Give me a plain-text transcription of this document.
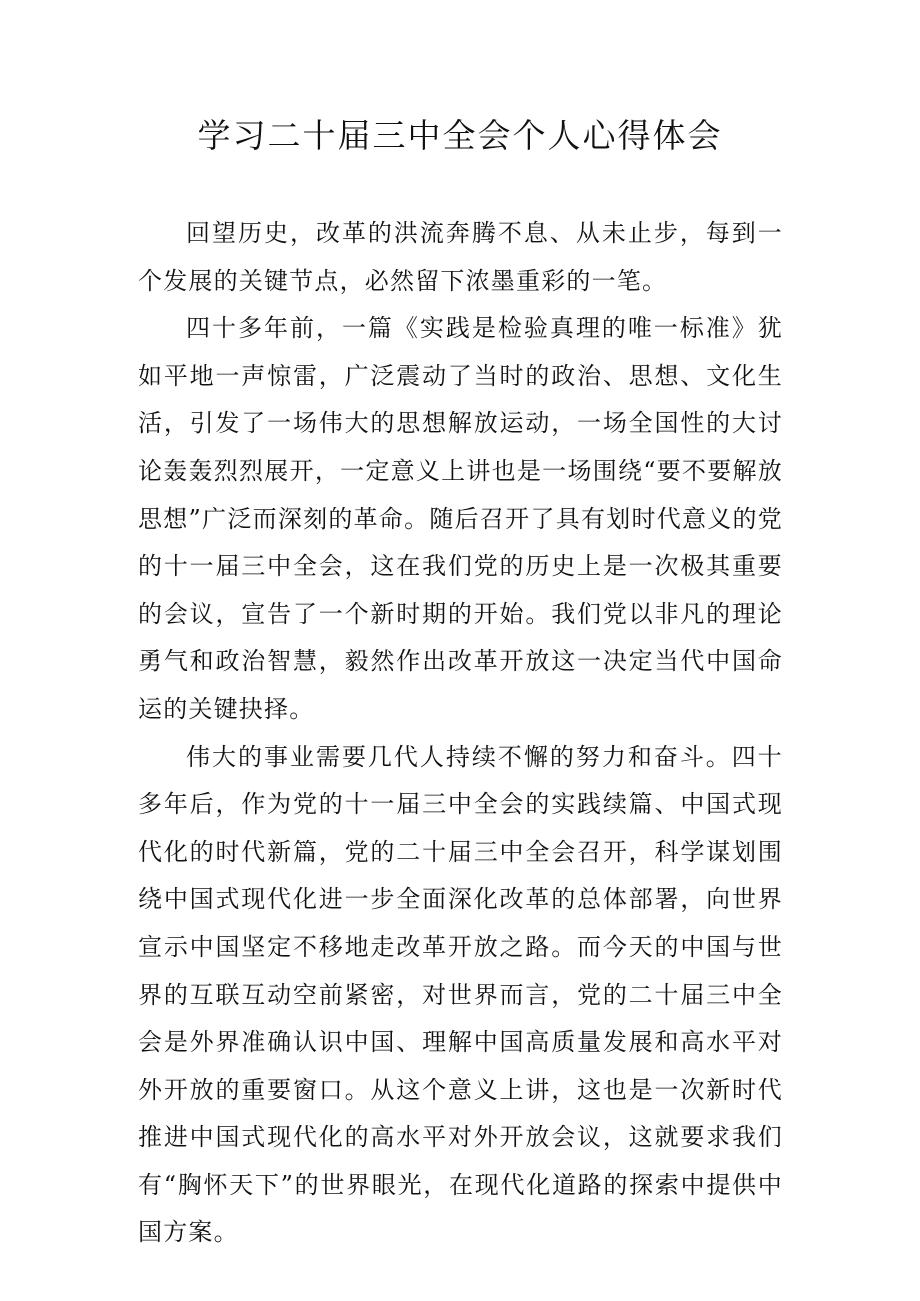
学习二十届三中全会个人心得体会

回望历史，改革的洪流奔腾不息、从未止步，每到一个发展的关键节点，必然留下浓墨重彩的一笔。

四十多年前，一篇《实践是检验真理的唯一标准》犹如平地一声惊雷，广泛震动了当时的政治、思想、文化生活，引发了一场伟大的思想解放运动，一场全国性的大讨论轰轰烈烈展开，一定意义上讲也是一场围绕“要不要解放思想”广泛而深刻的革命。随后召开了具有划时代意义的党的十一届三中全会，这在我们党的历史上是一次极其重要的会议，宣告了一个新时期的开始。我们党以非凡的理论勇气和政治智慧，毅然作出改革开放这一决定当代中国命运的关键抉择。

伟大的事业需要几代人持续不懈的努力和奋斗。四十多年后，作为党的十一届三中全会的实践续篇、中国式现代化的时代新篇，党的二十届三中全会召开，科学谋划围绕中国式现代化进一步全面深化改革的总体部署，向世界宣示中国坚定不移地走改革开放之路。而今天的中国与世界的互联互动空前紧密，对世界而言，党的二十届三中全会是外界准确认识中国、理解中国高质量发展和高水平对外开放的重要窗口。从这个意义上讲，这也是一次新时代推进中国式现代化的高水平对外开放会议，这就要求我们有“胸怀天下”的世界眼光，在现代化道路的探索中提供中国方案。
